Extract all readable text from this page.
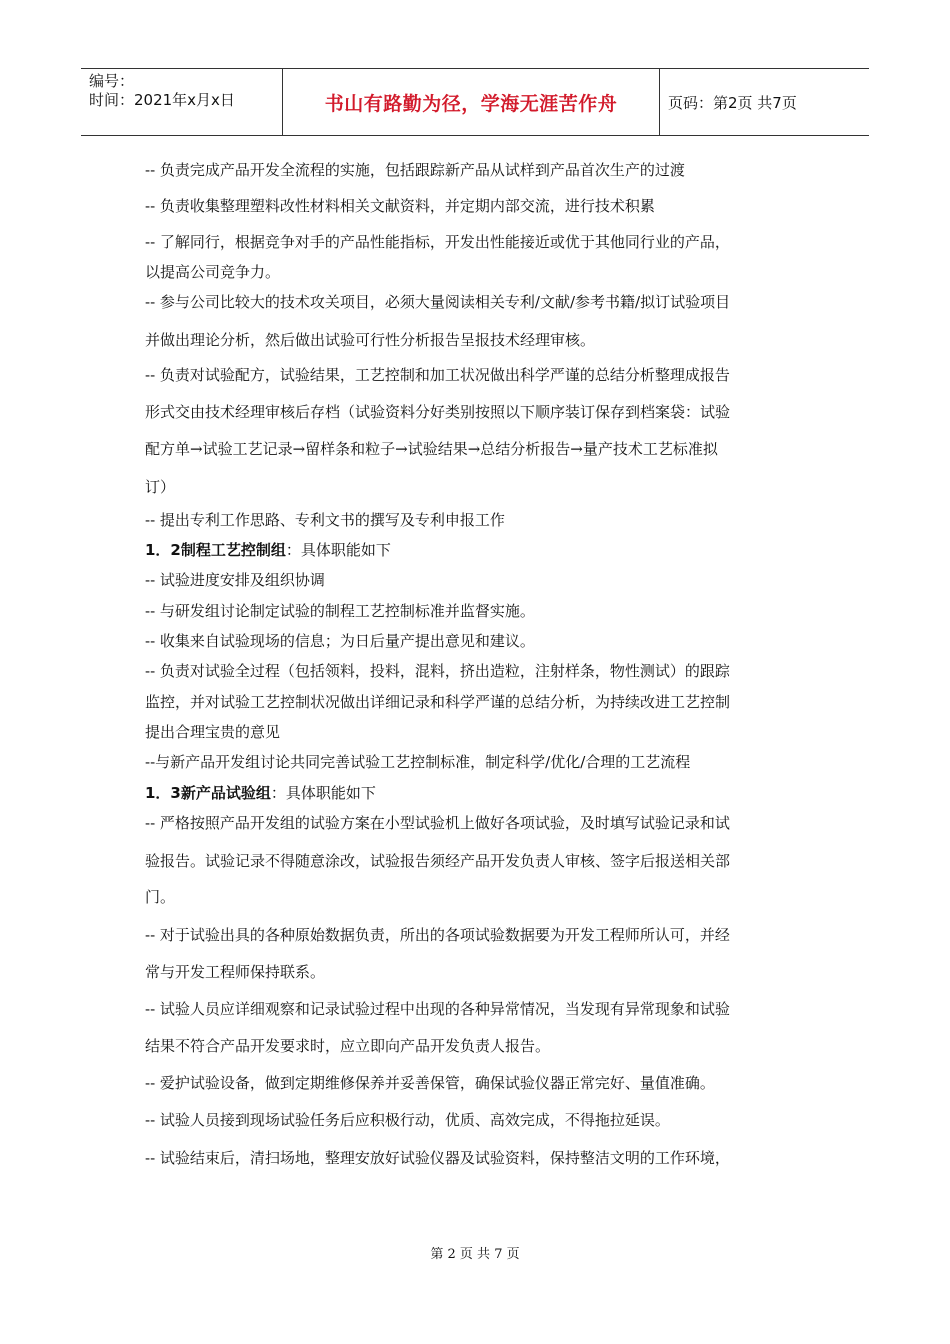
编号：
时间：2021年x月x日	书山有路勤为径，学海无涯苦作舟	页码：第2页 共7页
-- 负责完成产品开发全流程的实施，包括跟踪新产品从试样到产品首次生产的过渡
-- 负责收集整理塑料改性材料相关文献资料，并定期内部交流，进行技术积累
-- 了解同行，根据竞争对手的产品性能指标，开发出性能接近或优于其他同行业的产品，
以提高公司竞争力。
-- 参与公司比较大的技术攻关项目，必须大量阅读相关专利/文献/参考书籍/拟订试验项目
并做出理论分析，然后做出试验可行性分析报告呈报技术经理审核。
-- 负责对试验配方，试验结果，工艺控制和加工状况做出科学严谨的总结分析整理成报告
形式交由技术经理审核后存档（试验资料分好类别按照以下顺序装订保存到档案袋：试验
配方单→试验工艺记录→留样条和粒子→试验结果→总结分析报告→量产技术工艺标准拟
订）
-- 提出专利工作思路、专利文书的撰写及专利申报工作
1．2制程工艺控制组：具体职能如下
-- 试验进度安排及组织协调
-- 与研发组讨论制定试验的制程工艺控制标准并监督实施。
-- 收集来自试验现场的信息；为日后量产提出意见和建议。
-- 负责对试验全过程（包括领料，投料，混料，挤出造粒，注射样条，物性测试）的跟踪
监控，并对试验工艺控制状况做出详细记录和科学严谨的总结分析，为持续改进工艺控制
提出合理宝贵的意见
--与新产品开发组讨论共同完善试验工艺控制标准，制定科学/优化/合理的工艺流程
1．3新产品试验组：具体职能如下
-- 严格按照产品开发组的试验方案在小型试验机上做好各项试验，及时填写试验记录和试
验报告。试验记录不得随意涂改，试验报告须经产品开发负责人审核、签字后报送相关部
门。
-- 对于试验出具的各种原始数据负责，所出的各项试验数据要为开发工程师所认可，并经
常与开发工程师保持联系。
-- 试验人员应详细观察和记录试验过程中出现的各种异常情况，当发现有异常现象和试验
结果不符合产品开发要求时，应立即向产品开发负责人报告。
-- 爱护试验设备，做到定期维修保养并妥善保管，确保试验仪器正常完好、量值准确。
-- 试验人员接到现场试验任务后应积极行动，优质、高效完成，不得拖拉延误。
-- 试验结束后，清扫场地，整理安放好试验仪器及试验资料，保持整洁文明的工作环境，
第 2 页 共 7 页
